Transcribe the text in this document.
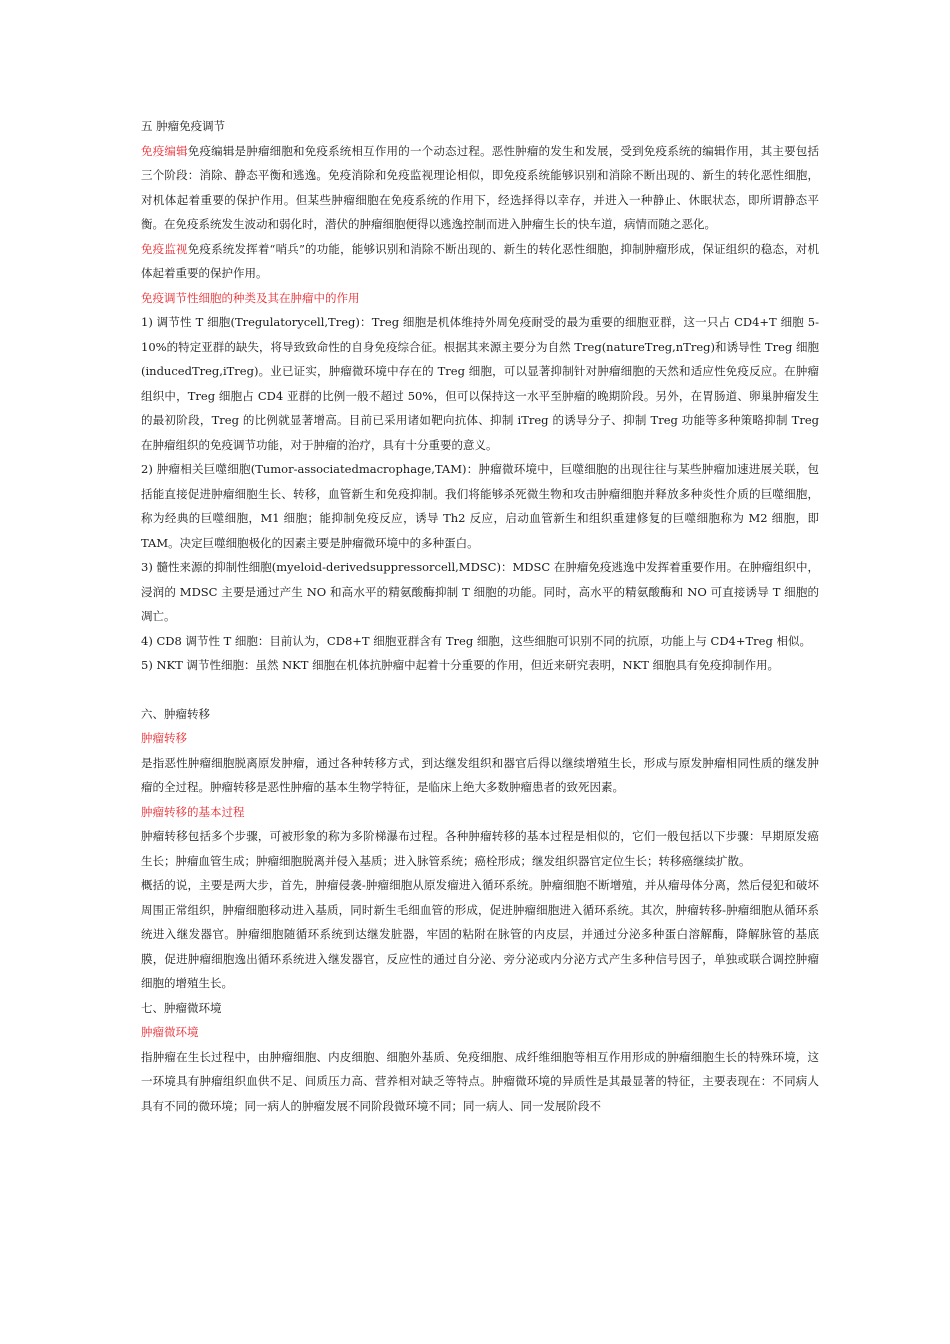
五 肿瘤免疫调节

免疫编辑免疫编辑是肿瘤细胞和免疫系统相互作用的一个动态过程。恶性肿瘤的发生和发展，受到免疫系统的编辑作用，其主要包括三个阶段：消除、静态平衡和逃逸。免疫消除和免疫监视理论相似，即免疫系统能够识别和消除不断出现的、新生的转化恶性细胞，对机体起着重要的保护作用。但某些肿瘤细胞在免疫系统的作用下，经选择得以幸存，并进入一种静止、休眠状态，即所谓静态平衡。在免疫系统发生波动和弱化时，潜伏的肿瘤细胞便得以逃逸控制而进入肿瘤生长的快车道，病情而随之恶化。

免疫监视免疫系统发挥着“哨兵”的功能，能够识别和消除不断出现的、新生的转化恶性细胞，抑制肿瘤形成，保证组织的稳态，对机体起着重要的保护作用。

免疫调节性细胞的种类及其在肿瘤中的作用

1) 调节性 T 细胞(Tregulatorycell,Treg)：Treg 细胞是机体维持外周免疫耐受的最为重要的细胞亚群，这一只占 CD4+T 细胞 5-10%的特定亚群的缺失，将导致致命性的自身免疫综合征。根据其来源主要分为自然 Treg(natureTreg,nTreg)和诱导性 Treg 细胞(inducedTreg,iTreg)。业已证实，肿瘤微环境中存在的 Treg 细胞，可以显著抑制针对肿瘤细胞的天然和适应性免疫反应。在肿瘤组织中，Treg 细胞占 CD4 亚群的比例一般不超过 50%，但可以保持这一水平至肿瘤的晚期阶段。另外，在胃肠道、卵巢肿瘤发生的最初阶段，Treg 的比例就显著增高。目前已采用诸如靶向抗体、抑制 iTreg 的诱导分子、抑制 Treg 功能等多种策略抑制 Treg 在肿瘤组织的免疫调节功能，对于肿瘤的治疗，具有十分重要的意义。

2) 肿瘤相关巨噬细胞(Tumor-associatedmacrophage,TAM)：肿瘤微环境中，巨噬细胞的出现往往与某些肿瘤加速进展关联，包括能直接促进肿瘤细胞生长、转移，血管新生和免疫抑制。我们将能够杀死微生物和攻击肿瘤细胞并释放多种炎性介质的巨噬细胞，称为经典的巨噬细胞，M1 细胞；能抑制免疫反应，诱导 Th2 反应，启动血管新生和组织重建修复的巨噬细胞称为 M2 细胞，即 TAM。决定巨噬细胞极化的因素主要是肿瘤微环境中的多种蛋白。

3) 髓性来源的抑制性细胞(myeloid-derivedsuppressorcell,MDSC)：MDSC 在肿瘤免疫逃逸中发挥着重要作用。在肿瘤组织中，浸润的 MDSC 主要是通过产生 NO 和高水平的精氨酸酶抑制 T 细胞的功能。同时，高水平的精氨酸酶和 NO 可直接诱导 T 细胞的凋亡。

4) CD8 调节性 T 细胞：目前认为，CD8+T 细胞亚群含有 Treg 细胞，这些细胞可识别不同的抗原，功能上与 CD4+Treg 相似。

5) NKT 调节性细胞：虽然 NKT 细胞在机体抗肿瘤中起着十分重要的作用，但近来研究表明，NKT 细胞具有免疫抑制作用。

六、肿瘤转移

肿瘤转移

是指恶性肿瘤细胞脱离原发肿瘤，通过各种转移方式，到达继发组织和器官后得以继续增殖生长，形成与原发肿瘤相同性质的继发肿瘤的全过程。肿瘤转移是恶性肿瘤的基本生物学特征，是临床上绝大多数肿瘤患者的致死因素。

肿瘤转移的基本过程

肿瘤转移包括多个步骤，可被形象的称为多阶梯瀑布过程。各种肿瘤转移的基本过程是相似的，它们一般包括以下步骤：早期原发癌生长；肿瘤血管生成；肿瘤细胞脱离并侵入基质；进入脉管系统；癌栓形成；继发组织器官定位生长；转移癌继续扩散。

概括的说，主要是两大步，首先，肿瘤侵袭-肿瘤细胞从原发瘤进入循环系统。肿瘤细胞不断增殖，并从瘤母体分离，然后侵犯和破坏周围正常组织，肿瘤细胞移动进入基质，同时新生毛细血管的形成，促进肿瘤细胞进入循环系统。其次，肿瘤转移-肿瘤细胞从循环系统进入继发器官。肿瘤细胞随循环系统到达继发脏器，牢固的粘附在脉管的内皮层，并通过分泌多种蛋白溶解酶，降解脉管的基底膜，促进肿瘤细胞逸出循环系统进入继发器官，反应性的通过自分泌、旁分泌或内分泌方式产生多种信号因子，单独或联合调控肿瘤细胞的增殖生长。

七、肿瘤微环境

肿瘤微环境

指肿瘤在生长过程中，由肿瘤细胞、内皮细胞、细胞外基质、免疫细胞、成纤维细胞等相互作用形成的肿瘤细胞生长的特殊环境，这一环境具有肿瘤组织血供不足、间质压力高、营养相对缺乏等特点。肿瘤微环境的异质性是其最显著的特征，主要表现在：不同病人具有不同的微环境；同一病人的肿瘤发展不同阶段微环境不同；同一病人、同一发展阶段不
